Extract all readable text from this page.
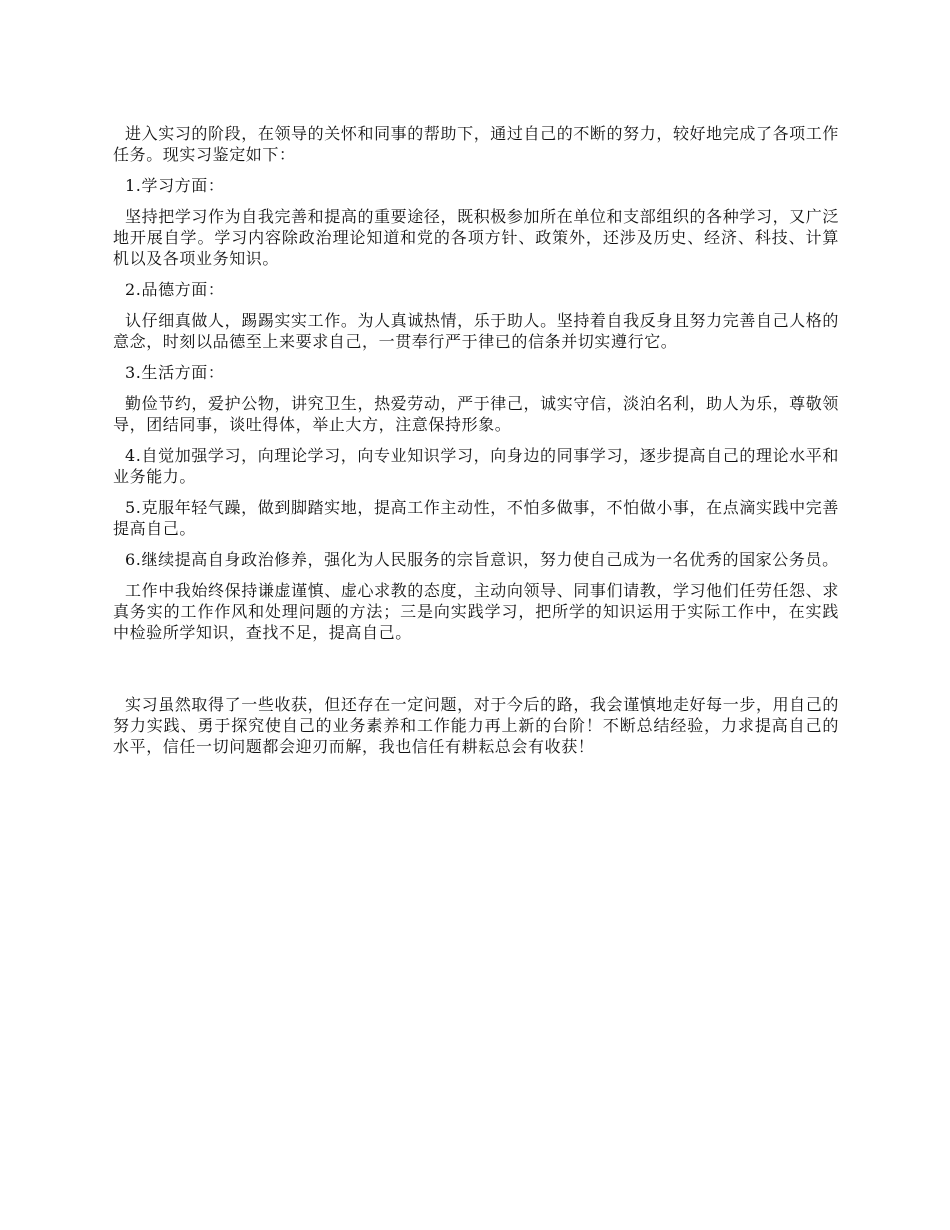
进入实习的阶段，在领导的关怀和同事的帮助下，通过自己的不断的努力，较好地完成了各项工作任务。现实习鉴定如下：

1.学习方面：

坚持把学习作为自我完善和提高的重要途径，既积极参加所在单位和支部组织的各种学习，又广泛地开展自学。学习内容除政治理论知道和党的各项方针、政策外，还涉及历史、经济、科技、计算机以及各项业务知识。

2.品德方面：

认仔细真做人，踢踢实实工作。为人真诚热情，乐于助人。坚持着自我反身且努力完善自己人格的意念，时刻以品德至上来要求自己，一贯奉行严于律已的信条并切实遵行它。

3.生活方面：

勤俭节约，爱护公物，讲究卫生，热爱劳动，严于律己，诚实守信，淡泊名利，助人为乐，尊敬领导，团结同事，谈吐得体，举止大方，注意保持形象。

4.自觉加强学习，向理论学习，向专业知识学习，向身边的同事学习，逐步提高自己的理论水平和业务能力。

5.克服年轻气躁，做到脚踏实地，提高工作主动性，不怕多做事，不怕做小事，在点滴实践中完善提高自己。

6.继续提高自身政治修养，强化为人民服务的宗旨意识，努力使自己成为一名优秀的国家公务员。

工作中我始终保持谦虚谨慎、虚心求教的态度，主动向领导、同事们请教，学习他们任劳任怨、求真务实的工作作风和处理问题的方法；三是向实践学习，把所学的知识运用于实际工作中，在实践中检验所学知识，查找不足，提高自己。

实习虽然取得了一些收获，但还存在一定问题，对于今后的路，我会谨慎地走好每一步，用自己的努力实践、勇于探究使自己的业务素养和工作能力再上新的台阶！不断总结经验，力求提高自己的水平，信任一切问题都会迎刃而解，我也信任有耕耘总会有收获！
